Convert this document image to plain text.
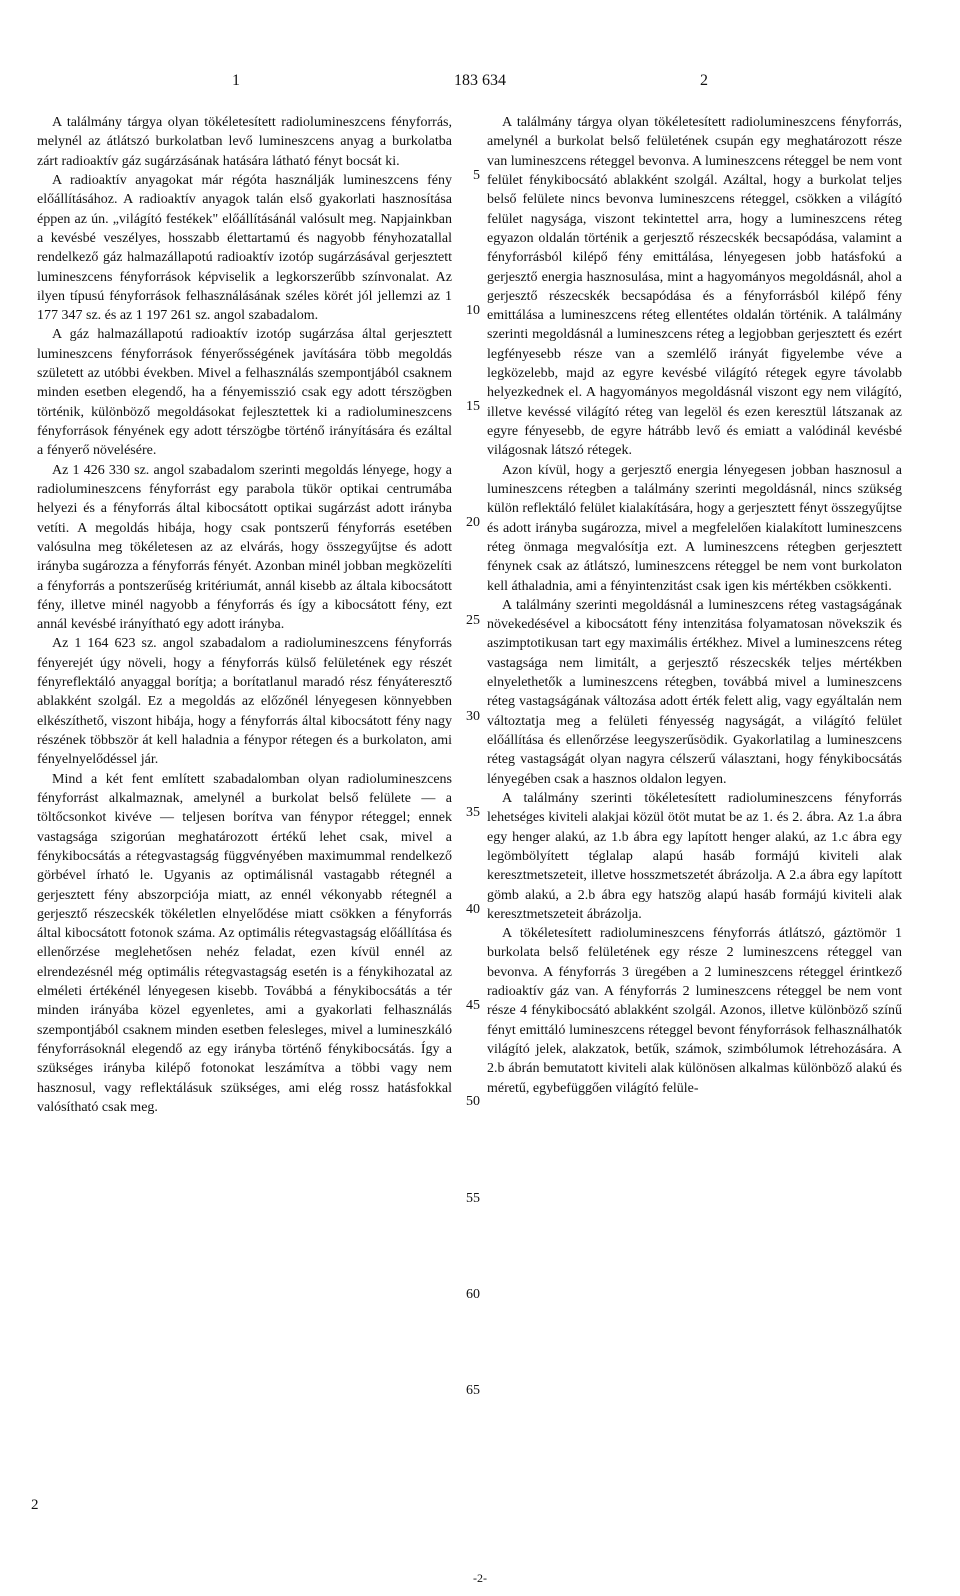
1	183 634	2

A találmány tárgya olyan tökéletesített radiolumineszcens fényforrás, melynél az átlátszó burkolatban levő lumineszcens anyag a burkolatba zárt radioaktív gáz sugárzásának hatására látható fényt bocsát ki.

A radioaktív anyagokat már régóta használják lumineszcens fény előállításához. A radioaktív anyagok talán első gyakorlati hasznosítása éppen az ún. „világító festékek" előállításánál valósult meg. Napjainkban a kevésbé veszélyes, hosszabb élettartamú és nagyobb fényhozatallal rendelkező gáz halmazállapotú radioaktív izotóp sugárzásával gerjesztett lumineszcens fényforrások képviselik a legkorszerűbb színvonalat. Az ilyen típusú fényforrások felhasználásának széles körét jól jellemzi az 1 177 347 sz. és az 1 197 261 sz. angol szabadalom.

A gáz halmazállapotú radioaktív izotóp sugárzása által gerjesztett lumineszcens fényforrások fényerősségének javítására több megoldás született az utóbbi években. Mivel a felhasználás szempontjából csaknem minden esetben elegendő, ha a fényemisszió csak egy adott térszögben történik, különböző megoldásokat fejlesztettek ki a radiolumineszcens fényforrások fényének egy adott térszögbe történő irányítására és ezáltal a fényerő növelésére.

Az 1 426 330 sz. angol szabadalom szerinti megoldás lényege, hogy a radiolumineszcens fényforrást egy parabola tükör optikai centrumába helyezi és a fényforrás által kibocsátott optikai sugárzást adott irányba vetíti. A megoldás hibája, hogy csak pontszerű fényforrás esetében valósulna meg tökéletesen az az elvárás, hogy összegyűjtse és adott irányba sugározza a fényforrás fényét. Azonban minél jobban megközelíti a fényforrás a pontszerűség kritériumát, annál kisebb az általa kibocsátott fény, illetve minél nagyobb a fényforrás és így a kibocsátott fény, ezt annál kevésbé irányítható egy adott irányba.

Az 1 164 623 sz. angol szabadalom a radiolumineszcens fényforrás fényerejét úgy növeli, hogy a fényforrás külső felületének egy részét fényreflektáló anyaggal borítja; a borítatlanul maradó rész fényáteresztő ablakként szolgál. Ez a megoldás az előzőnél lényegesen könnyebben elkészíthető, viszont hibája, hogy a fényforrás által kibocsátott fény nagy részének többször át kell haladnia a fénypor rétegen és a burkolaton, ami fényelnyelődéssel jár.

Mind a két fent említett szabadalomban olyan radiolumineszcens fényforrást alkalmaznak, amelynél a burkolat belső felülete — a töltőcsonkot kivéve — teljesen borítva van fénypor réteggel; ennek vastagsága szigorúan meghatározott értékű lehet csak, mivel a fénykibocsátás a rétegvastagság függvényében maximummal rendelkező görbével írható le. Ugyanis az optimálisnál vastagabb rétegnél a gerjesztett fény abszorpciója miatt, az ennél vékonyabb rétegnél a gerjesztő részecskék tökéletlen elnyelődése miatt csökken a fényforrás által kibocsátott fotonok száma. Az optimális rétegvastagság előállítása és ellenőrzése meglehetősen nehéz feladat, ezen kívül ennél az elrendezésnél még optimális rétegvastagság esetén is a fénykihozatal az elméleti értékénél lényegesen kisebb. Továbbá a fénykibocsátás a tér minden irányába közel egyenletes, ami a gyakorlati felhasználás szempontjából csaknem minden esetben felesleges, mivel a lumineszkáló fényforrásoknál elegendő az egy irányba történő fénykibocsátás. Így a szükséges irányba kilépő fotonokat leszámítva a többi vagy nem hasznosul, vagy reflektálásuk szükséges, ami elég rossz hatásfokkal valósítható csak meg.

5
10
15
20
25
30
35
40
45
50
55
60
65

A találmány tárgya olyan tökéletesített radiolumineszcens fényforrás, amelynél a burkolat belső felületének csupán egy meghatározott része van lumineszcens réteggel bevonva. A lumineszcens réteggel be nem vont felület fénykibocsátó ablakként szolgál. Azáltal, hogy a burkolat teljes belső felülete nincs bevonva lumineszcens réteggel, csökken a világító felület nagysága, viszont tekintettel arra, hogy a lumineszcens réteg egyazon oldalán történik a gerjesztő részecskék becsapódása, valamint a fényforrásból kilépő fény emittálása, lényegesen jobb hatásfokú a gerjesztő energia hasznosulása, mint a hagyományos megoldásnál, ahol a gerjesztő részecskék becsapódása és a fényforrásból kilépő fény emittálása a lumineszcens réteg ellentétes oldalán történik. A találmány szerinti megoldásnál a lumineszcens réteg a legjobban gerjesztett és ezért legfényesebb része van a szemlélő irányát figyelembe véve a legközelebb, majd az egyre kevésbé világító rétegek egyre távolabb helyezkednek el. A hagyományos megoldásnál viszont egy nem világító, illetve kevéssé világító réteg van legelöl és ezen keresztül látszanak az egyre fényesebb, de egyre hátrább levő és emiatt a valódinál kevésbé világosnak látszó rétegek.

Azon kívül, hogy a gerjesztő energia lényegesen jobban hasznosul a lumineszcens rétegben a találmány szerinti megoldásnál, nincs szükség külön reflektáló felület kialakítására, hogy a gerjesztett fényt összegyűjtse és adott irányba sugározza, mivel a megfelelően kialakított lumineszcens réteg önmaga megvalósítja ezt. A lumineszcens rétegben gerjesztett fénynek csak az átlátszó, lumineszcens réteggel be nem vont burkolaton kell áthaladnia, ami a fényintenzitást csak igen kis mértékben csökkenti.

A találmány szerinti megoldásnál a lumineszcens réteg vastagságának növekedésével a kibocsátott fény intenzitása folyamatosan növekszik és aszimptotikusan tart egy maximális értékhez. Mivel a lumineszcens réteg vastagsága nem limitált, a gerjesztő részecskék teljes mértékben elnyelethetők a lumineszcens rétegben, továbbá mivel a lumineszcens réteg vastagságának változása adott érték felett alig, vagy egyáltalán nem változtatja meg a felületi fényesség nagyságát, a világító felület előállítása és ellenőrzése leegyszerűsödik. Gyakorlatilag a lumineszcens réteg vastagságát olyan nagyra célszerű választani, hogy fénykibocsátás lényegében csak a hasznos oldalon legyen.

A találmány szerinti tökéletesített radiolumineszcens fényforrás lehetséges kiviteli alakjai közül ötöt mutat be az 1. és 2. ábra. Az 1.a ábra egy henger alakú, az 1.b ábra egy lapított henger alakú, az 1.c ábra egy legömbölyített téglalap alapú hasáb formájú kiviteli alak keresztmetszeteit, illetve hosszmetszetét ábrázolja. A 2.a ábra egy lapított gömb alakú, a 2.b ábra egy hatszög alapú hasáb formájú kiviteli alak keresztmetszeteit ábrázolja.

A tökéletesített radiolumineszcens fényforrás átlátszó, gáztömör 1 burkolata belső felületének egy része 2 lumineszcens réteggel van bevonva. A fényforrás 3 üregében a 2 lumineszcens réteggel érintkező radioaktív gáz van. A fényforrás 2 lumineszcens réteggel be nem vont része 4 fénykibocsátó ablakként szolgál. Azonos, illetve különböző színű fényt emittáló lumineszcens réteggel bevont fényforrások felhasználhatók világító jelek, alakzatok, betűk, számok, szimbólumok létrehozására. A 2.b ábrán bemutatott kiviteli alak különösen alkalmas különböző alakú és méretű, egybefüggően világító felüle-

2
-2-
